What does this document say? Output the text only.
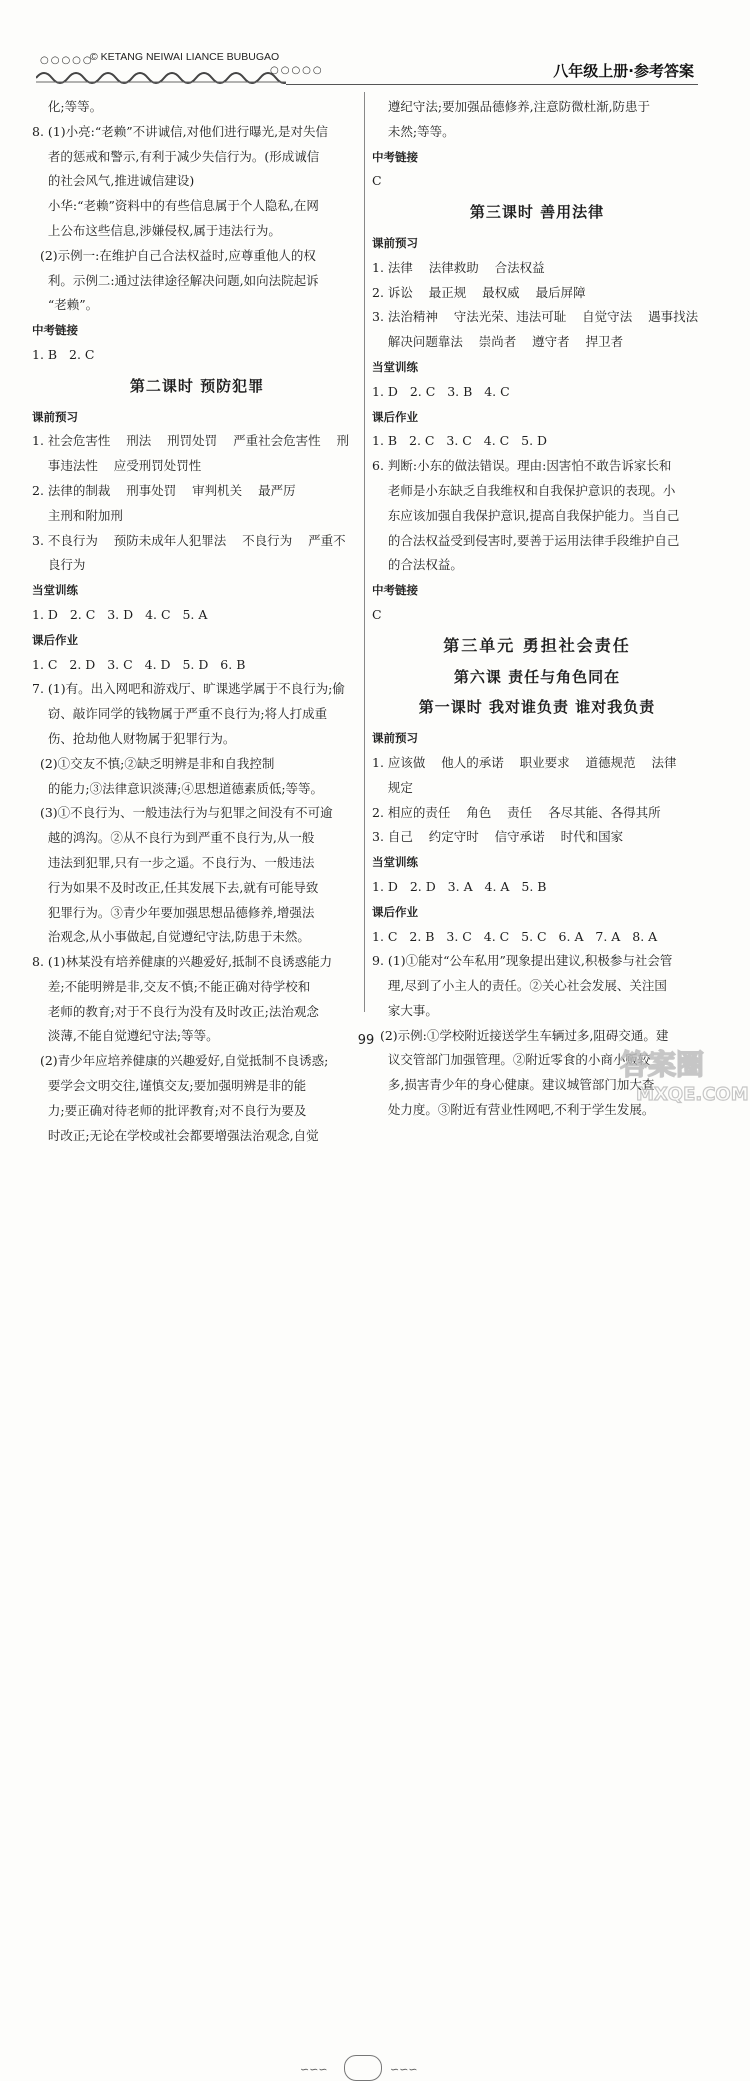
○○○○○
© KETANG NEIWAI LIANCE BUBUGAO
○○○○○	八年级上册·参考答案
化;等等。
8. (1)小亮:“老赖”不讲诚信,对他们进行曝光,是对失信
者的惩戒和警示,有利于减少失信行为。(形成诚信
的社会风气,推进诚信建设)
小华:“老赖”资料中的有些信息属于个人隐私,在网
上公布这些信息,涉嫌侵权,属于违法行为。
(2)示例一:在维护自己合法权益时,应尊重他人的权
利。示例二:通过法律途径解决问题,如向法院起诉
“老赖”。
中考链接
1. B   2. C
第二课时 预防犯罪
课前预习
1. 社会危害性    刑法    刑罚处罚    严重社会危害性    刑
事违法性    应受刑罚处罚性
2. 法律的制裁    刑事处罚    审判机关    最严厉
主刑和附加刑
3. 不良行为    预防未成年人犯罪法    不良行为    严重不
良行为
当堂训练
1. D   2. C   3. D   4. C   5. A
课后作业
1. C   2. D   3. C   4. D   5. D   6. B
7. (1)有。出入网吧和游戏厅、旷课逃学属于不良行为;偷
窃、敲诈同学的钱物属于严重不良行为;将人打成重
伤、抢劫他人财物属于犯罪行为。
(2)①交友不慎;②缺乏明辨是非和自我控制
的能力;③法律意识淡薄;④思想道德素质低;等等。
(3)①不良行为、一般违法行为与犯罪之间没有不可逾
越的鸿沟。②从不良行为到严重不良行为,从一般
违法到犯罪,只有一步之遥。不良行为、一般违法
行为如果不及时改正,任其发展下去,就有可能导致
犯罪行为。③青少年要加强思想品德修养,增强法
治观念,从小事做起,自觉遵纪守法,防患于未然。
8. (1)林某没有培养健康的兴趣爱好,抵制不良诱惑能力
差;不能明辨是非,交友不慎;不能正确对待学校和
老师的教育;对于不良行为没有及时改正;法治观念
淡薄,不能自觉遵纪守法;等等。
(2)青少年应培养健康的兴趣爱好,自觉抵制不良诱惑;
要学会文明交往,谨慎交友;要加强明辨是非的能
力;要正确对待老师的批评教育;对不良行为要及
时改正;无论在学校或社会都要增强法治观念,自觉
遵纪守法;要加强品德修养,注意防微杜渐,防患于
未然;等等。
中考链接
C
第三课时 善用法律
课前预习
1. 法律    法律救助    合法权益
2. 诉讼    最正规    最权威    最后屏障
3. 法治精神    守法光荣、违法可耻    自觉守法    遇事找法
解决问题靠法    崇尚者    遵守者    捍卫者
当堂训练
1. D   2. C   3. B   4. C
课后作业
1. B   2. C   3. C   4. C   5. D
6. 判断:小东的做法错误。理由:因害怕不敢告诉家长和
老师是小东缺乏自我维权和自我保护意识的表现。小
东应该加强自我保护意识,提高自我保护能力。当自己
的合法权益受到侵害时,要善于运用法律手段维护自己
的合法权益。
中考链接
C
第三单元 勇担社会责任
第六课 责任与角色同在
第一课时 我对谁负责 谁对我负责
课前预习
1. 应该做    他人的承诺    职业要求    道德规范    法律
规定
2. 相应的责任    角色    责任    各尽其能、各得其所
3. 自己    约定守时    信守承诺    时代和国家
当堂训练
1. D   2. D   3. A   4. A   5. B
课后作业
1. C   2. B   3. C   4. C   5. C   6. A   7. A   8. A
9. (1)①能对“公车私用”现象提出建议,积极参与社会管
理,尽到了小主人的责任。②关心社会发展、关注国
家大事。
(2)示例:①学校附近接送学生车辆过多,阻碍交通。建
议交管部门加强管理。②附近零食的小商小贩较
多,损害青少年的身心健康。建议城管部门加大查
处力度。③附近有营业性网吧,不利于学生发展。
∽∽∽	∽∽∽
99
答案圈
MXQE.COM
